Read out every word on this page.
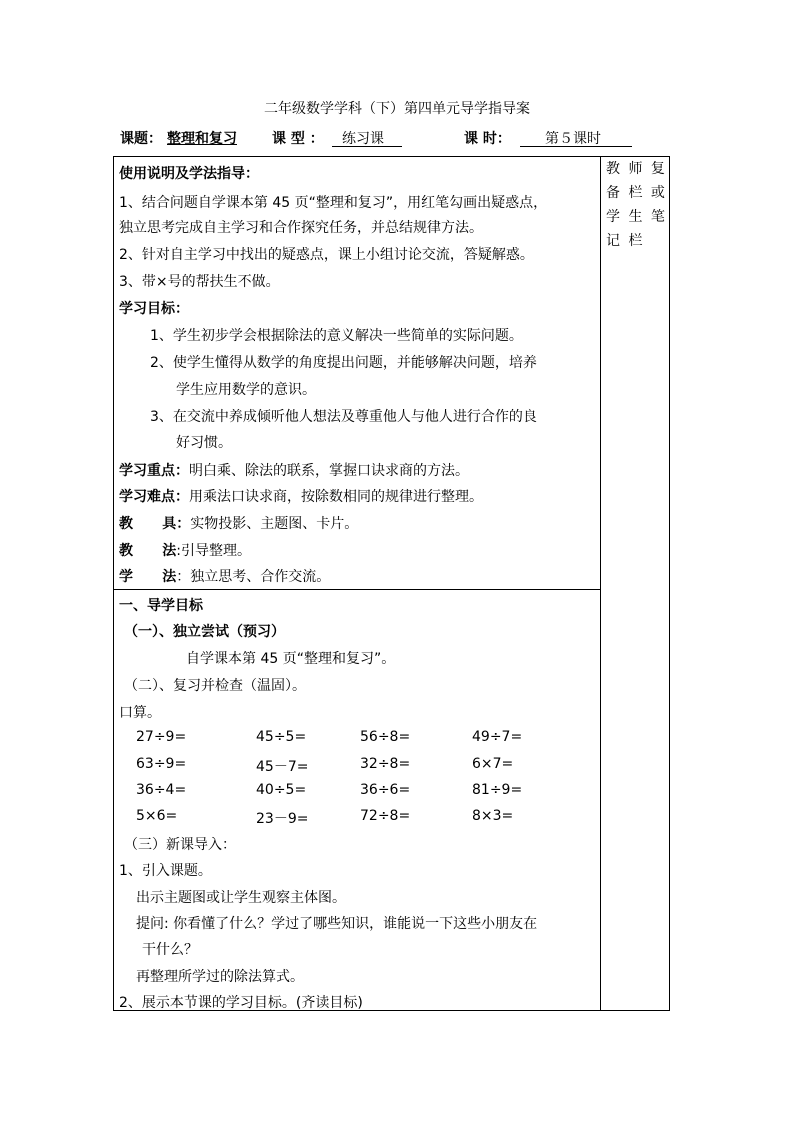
二年级数学学科（下）第四单元导学指导案
课题： 整理和复习	课 型 ： 练习课	课 时： 第５课时
教 师 复
备 栏 或
学 生 笔
记 栏
使用说明及学法指导：
1、结合问题自学课本第 45 页“整理和复习”，用红笔勾画出疑惑点，
独立思考完成自主学习和合作探究任务，并总结规律方法。
2、针对自主学习中找出的疑惑点，课上小组讨论交流，答疑解惑。
3、带×号的帮扶生不做。
学习目标：
1、学生初步学会根据除法的意义解决一些简单的实际问题。
2、使学生懂得从数学的角度提出问题，并能够解决问题，培养
学生应用数学的意识。
3、在交流中养成倾听他人想法及尊重他人与他人进行合作的良
好习惯。
学习重点：明白乘、除法的联系，掌握口诀求商的方法。
学习难点：用乘法口诀求商，按除数相同的规律进行整理。
教      具：实物投影、主题图、卡片。
教      法:引导整理。
学      法：独立思考、合作交流。
一、导学目标
（一）、独立尝试（预习）
自学课本第 45 页“整理和复习”。
（二）、复习并检查（温固）。
口算。
27÷9=	45÷5=	56÷8=	49÷7=
63÷9=	45－7=	32÷8=	6×7=
36÷4=	40÷5=	36÷6=	81÷9=
5×6=	23－9=	72÷8=	8×3=
（三）新课导入：
1、引入课题。
出示主题图或让学生观察主体图。
提问: 你看懂了什么？学过了哪些知识，谁能说一下这些小朋友在
干什么？
再整理所学过的除法算式。
2、展示本节课的学习目标。(齐读目标)
